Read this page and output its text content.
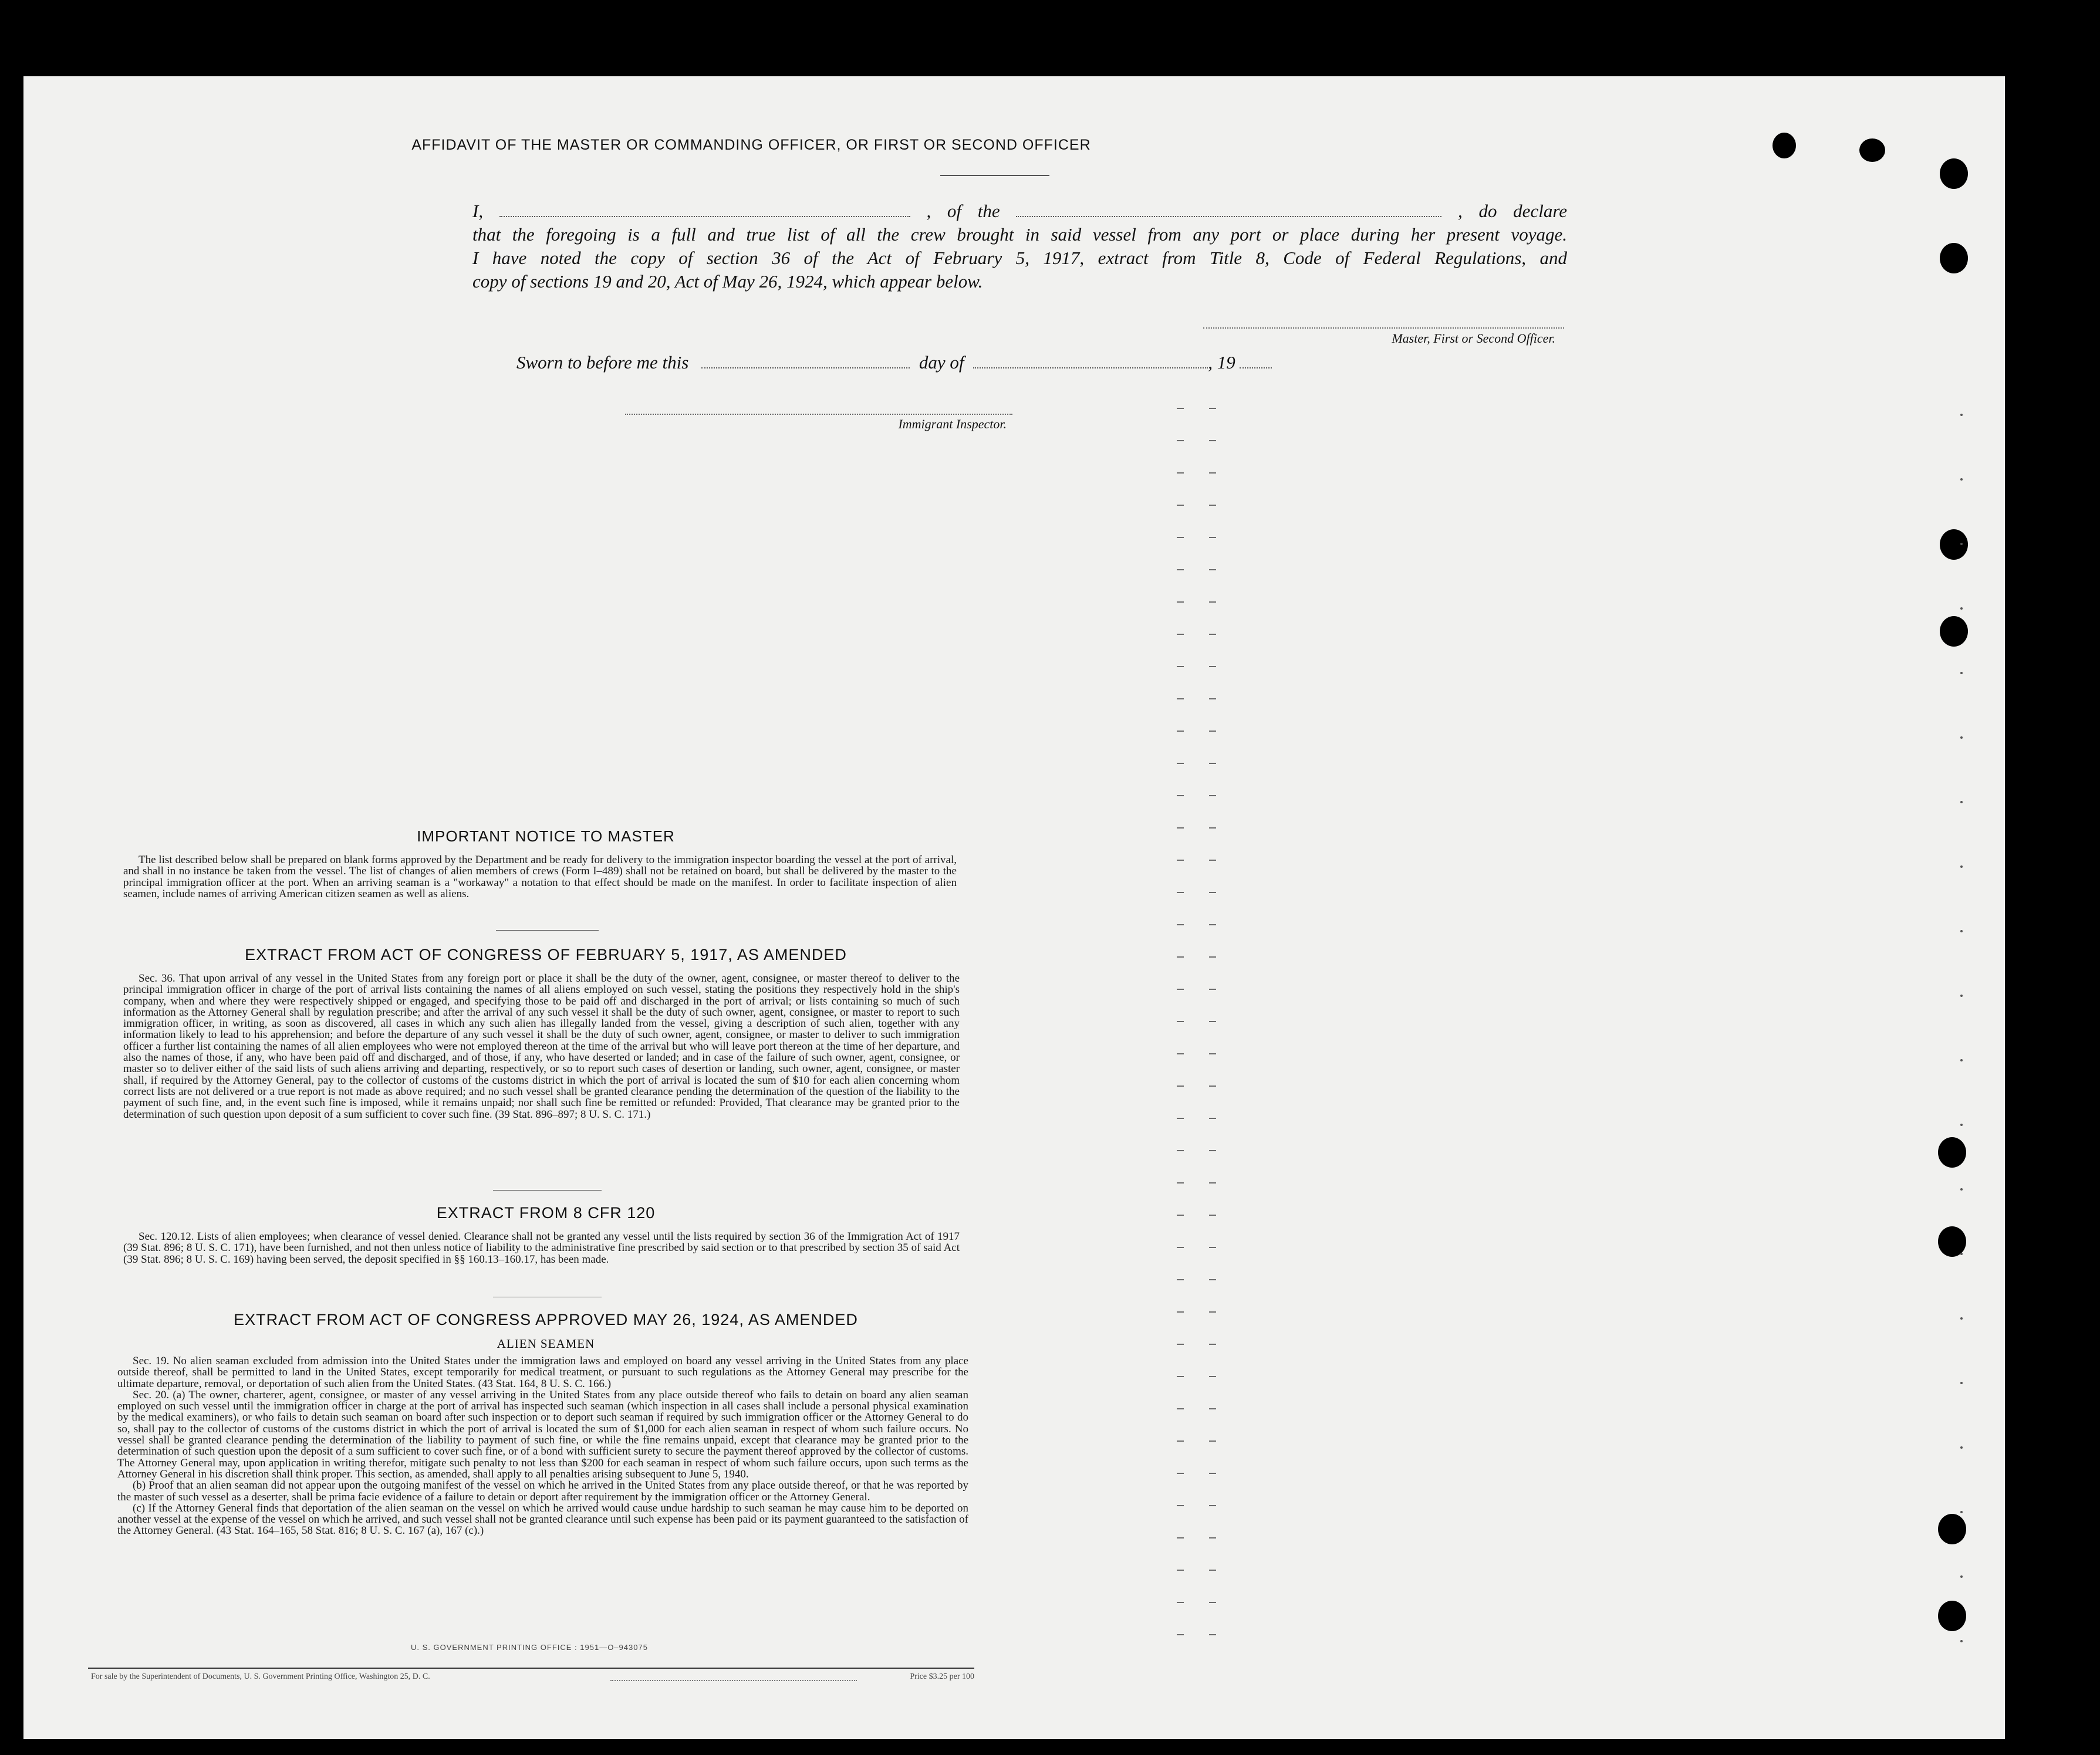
AFFIDAVIT OF THE MASTER OR COMMANDING OFFICER, OR FIRST OR SECOND OFFICER
I,	, of the	, do declare
that the foregoing is a full and true list of all the crew brought in said vessel from any port or place during her present voyage.
I have noted the copy of section 36 of the Act of February 5, 1917, extract from Title 8, Code of Federal Regulations, and
copy of sections 19 and 20, Act of May 26, 1924, which appear below.
Master, First or Second Officer.
Sworn to before me this	day of	, 19
Immigrant Inspector.
IMPORTANT NOTICE TO MASTER

The list described below shall be prepared on blank forms approved by the Department and be ready for delivery to the immigration inspector boarding the vessel at the port of arrival, and shall in no instance be taken from the vessel. The list of changes of alien members of crews (Form I–489) shall not be retained on board, but shall be delivered by the master to the principal immigration officer at the port. When an arriving seaman is a "workaway" a notation to that effect should be made on the manifest. In order to facilitate inspection of alien seamen, include names of arriving American citizen seamen as well as aliens.

EXTRACT FROM ACT OF CONGRESS OF FEBRUARY 5, 1917, AS AMENDED

Sec. 36. That upon arrival of any vessel in the United States from any foreign port or place it shall be the duty of the owner, agent, consignee, or master thereof to deliver to the principal immigration officer in charge of the port of arrival lists containing the names of all aliens employed on such vessel, stating the positions they respectively hold in the ship's company, when and where they were respectively shipped or engaged, and specifying those to be paid off and discharged in the port of arrival; or lists containing so much of such information as the Attorney General shall by regulation prescribe; and after the arrival of any such vessel it shall be the duty of such owner, agent, consignee, or master to report to such immigration officer, in writing, as soon as discovered, all cases in which any such alien has illegally landed from the vessel, giving a description of such alien, together with any information likely to lead to his apprehension; and before the departure of any such vessel it shall be the duty of such owner, agent, consignee, or master to deliver to such immigration officer a further list containing the names of all alien employees who were not employed thereon at the time of the arrival but who will leave port thereon at the time of her departure, and also the names of those, if any, who have been paid off and discharged, and of those, if any, who have deserted or landed; and in case of the failure of such owner, agent, consignee, or master so to deliver either of the said lists of such aliens arriving and departing, respectively, or so to report such cases of desertion or landing, such owner, agent, consignee, or master shall, if required by the Attorney General, pay to the collector of customs of the customs district in which the port of arrival is located the sum of $10 for each alien concerning whom correct lists are not delivered or a true report is not made as above required; and no such vessel shall be granted clearance pending the determination of the question of the liability to the payment of such fine, and, in the event such fine is imposed, while it remains unpaid; nor shall such fine be remitted or refunded: Provided, That clearance may be granted prior to the determination of such question upon deposit of a sum sufficient to cover such fine. (39 Stat. 896–897; 8 U. S. C. 171.)

EXTRACT FROM 8 CFR 120

Sec. 120.12. Lists of alien employees; when clearance of vessel denied. Clearance shall not be granted any vessel until the lists required by section 36 of the Immigration Act of 1917 (39 Stat. 896; 8 U. S. C. 171), have been furnished, and not then unless notice of liability to the administrative fine prescribed by said section or to that prescribed by section 35 of said Act (39 Stat. 896; 8 U. S. C. 169) having been served, the deposit specified in §§ 160.13–160.17, has been made.

EXTRACT FROM ACT OF CONGRESS APPROVED MAY 26, 1924, AS AMENDED
ALIEN SEAMEN

Sec. 19. No alien seaman excluded from admission into the United States under the immigration laws and employed on board any vessel arriving in the United States from any place outside thereof, shall be permitted to land in the United States, except temporarily for medical treatment, or pursuant to such regulations as the Attorney General may prescribe for the ultimate departure, removal, or deportation of such alien from the United States. (43 Stat. 164, 8 U. S. C. 166.)

Sec. 20. (a) The owner, charterer, agent, consignee, or master of any vessel arriving in the United States from any place outside thereof who fails to detain on board any alien seaman employed on such vessel until the immigration officer in charge at the port of arrival has inspected such seaman (which inspection in all cases shall include a personal physical examination by the medical examiners), or who fails to detain such seaman on board after such inspection or to deport such seaman if required by such immigration officer or the Attorney General to do so, shall pay to the collector of customs of the customs district in which the port of arrival is located the sum of $1,000 for each alien seaman in respect of whom such failure occurs. No vessel shall be granted clearance pending the determination of the liability to payment of such fine, or while the fine remains unpaid, except that clearance may be granted prior to the determination of such question upon the deposit of a sum sufficient to cover such fine, or of a bond with sufficient surety to secure the payment thereof approved by the collector of customs. The Attorney General may, upon application in writing therefor, mitigate such penalty to not less than $200 for each seaman in respect of whom such failure occurs, upon such terms as the Attorney General in his discretion shall think proper. This section, as amended, shall apply to all penalties arising subsequent to June 5, 1940.

(b) Proof that an alien seaman did not appear upon the outgoing manifest of the vessel on which he arrived in the United States from any place outside thereof, or that he was reported by the master of such vessel as a deserter, shall be prima facie evidence of a failure to detain or deport after requirement by the immigration officer or the Attorney General.

(c) If the Attorney General finds that deportation of the alien seaman on the vessel on which he arrived would cause undue hardship to such seaman he may cause him to be deported on another vessel at the expense of the vessel on which he arrived, and such vessel shall not be granted clearance until such expense has been paid or its payment guaranteed to the satisfaction of the Attorney General. (43 Stat. 164–165, 58 Stat. 816; 8 U. S. C. 167 (a), 167 (c).)

U. S. GOVERNMENT PRINTING OFFICE : 1951—O–943075
For sale by the Superintendent of Documents, U. S. Government Printing Office, Washington 25, D. C.	Price $3.25 per 100
